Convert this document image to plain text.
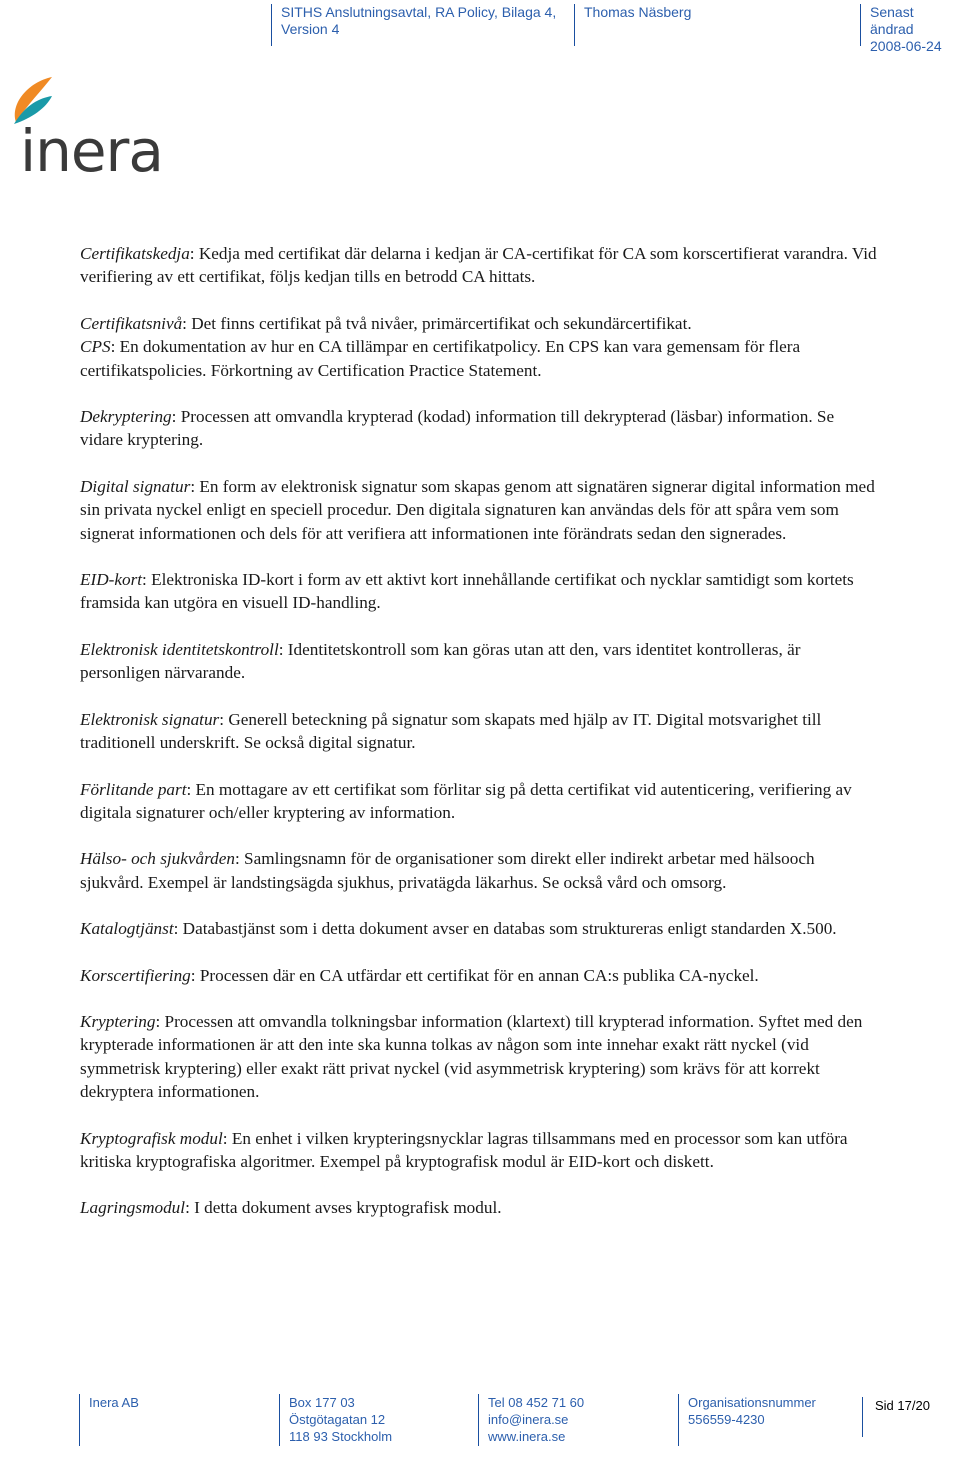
SITHS Anslutningsavtal, RA Policy, Bilaga 4,
Version 4
Thomas Näsberg	Senast ändrad
2008-06-24
inera

Certifikatskedja: Kedja med certifikat där delarna i kedjan är CA-certifikat för CA som korscertifierat varandra. Vid verifiering av ett certifikat, följs kedjan tills en betrodd CA hittats.

Certifikatsnivå: Det finns certifikat på två nivåer, primärcertifikat och sekundärcertifikat.

CPS: En dokumentation av hur en CA tillämpar en certifikatpolicy. En CPS kan vara gemensam för flera certifikatspolicies. Förkortning av Certification Practice Statement.

Dekryptering: Processen att omvandla krypterad (kodad) information till dekrypterad (läsbar) information. Se vidare kryptering.

Digital signatur: En form av elektronisk signatur som skapas genom att signatären signerar digital information med sin privata nyckel enligt en speciell procedur. Den digitala signaturen kan användas dels för att spåra vem som signerat informationen och dels för att verifiera att informationen inte förändrats sedan den signerades.

EID-kort: Elektroniska ID-kort i form av ett aktivt kort innehållande certifikat och nycklar samtidigt som kortets framsida kan utgöra en visuell ID-handling.

Elektronisk identitetskontroll: Identitetskontroll som kan göras utan att den, vars identitet kontrolleras, är personligen närvarande.

Elektronisk signatur: Generell beteckning på signatur som skapats med hjälp av IT. Digital motsvarighet till traditionell underskrift. Se också digital signatur.

Förlitande part: En mottagare av ett certifikat som förlitar sig på detta certifikat vid autenticering, verifiering av digitala signaturer och/eller kryptering av information.

Hälso- och sjukvården: Samlingsnamn för de organisationer som direkt eller indirekt arbetar med hälsooch sjukvård. Exempel är landstingsägda sjukhus, privatägda läkarhus. Se också vård och omsorg.

Katalogtjänst: Databastjänst som i detta dokument avser en databas som struktureras enligt standarden X.500.

Korscertifiering: Processen där en CA utfärdar ett certifikat för en annan CA:s publika CA-nyckel.

Kryptering: Processen att omvandla tolkningsbar information (klartext) till krypterad information. Syftet med den krypterade informationen är att den inte ska kunna tolkas av någon som inte innehar exakt rätt nyckel (vid symmetrisk kryptering) eller exakt rätt privat nyckel (vid asymmetrisk kryptering) som krävs för att korrekt dekryptera informationen.

Kryptografisk modul: En enhet i vilken krypteringsnycklar lagras tillsammans med en processor som kan utföra kritiska kryptografiska algoritmer. Exempel på kryptografisk modul är EID-kort och diskett.

Lagringsmodul: I detta dokument avses kryptografisk modul.

Inera AB	Box 177 03
Östgötagatan 12
118 93 Stockholm
Tel 08 452 71 60
info@inera.se
www.inera.se
Organisationsnummer
556559-4230
Sid 17/20
